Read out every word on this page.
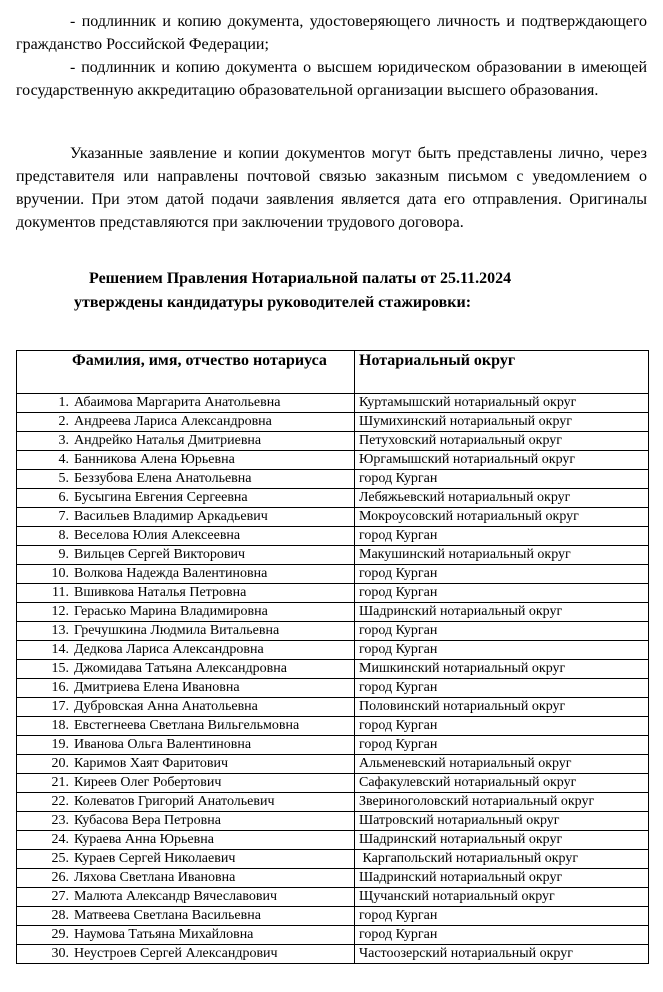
- подлинник и копию документа, удостоверяющего личность и подтверждающего гражданство Российской Федерации;

- подлинник и копию документа о высшем юридическом образовании в имеющей государственную аккредитацию образовательной организации высшего образования.

Указанные заявление и копии документов могут быть представлены лично, через представителя или направлены почтовой связью заказным письмом с уведомлением о вручении. При этом датой подачи заявления является дата его отправления. Оригиналы документов представляются при заключении трудового договора.

Решением Правления Нотариальной палаты от 25.11.2024

утверждены кандидатуры руководителей стажировки:

Фамилия, имя, отчество нотариуса	Нотариальный округ
1. Абаимова Маргарита Анатольевна	Куртамышский нотариальный округ
2. Андреева Лариса Александровна	Шумихинский нотариальный округ
3. Андрейко Наталья Дмитриевна	Петуховский нотариальный округ
4. Банникова Алена Юрьевна	Юргамышский нотариальный округ
5. Беззубова Елена Анатольевна	город Курган
6. Бусыгина Евгения Сергеевна	Лебяжьевский нотариальный округ
7. Васильев Владимир Аркадьевич	Мокроусовский нотариальный округ
8. Веселова Юлия Алексеевна	город Курган
9. Вильцев Сергей Викторович	Макушинский нотариальный округ
10. Волкова Надежда Валентиновна	город Курган
11. Вшивкова Наталья Петровна	город Курган
12. Герасько Марина Владимировна	Шадринский нотариальный округ
13. Гречушкина Людмила Витальевна	город Курган
14. Дедкова Лариса Александровна	город Курган
15. Джомидава Татьяна Александровна	Мишкинский нотариальный округ
16. Дмитриева Елена Ивановна	город Курган
17. Дубровская Анна Анатольевна	Половинский нотариальный округ
18. Евстегнеева Светлана Вильгельмовна	город Курган
19. Иванова Ольга Валентиновна	город Курган
20. Каримов Хаят Фаритович	Альменевский нотариальный округ
21. Киреев Олег Робертович	Сафакулевский нотариальный округ
22. Колеватов Григорий Анатольевич	Звериноголовский нотариальный округ
23. Кубасова Вера Петровна	Шатровский нотариальный округ
24. Кураева Анна Юрьевна	Шадринский нотариальный округ
25. Кураев Сергей Николаевич	Каргапольский нотариальный округ
26. Ляхова Светлана Ивановна	Шадринский нотариальный округ
27. Малюта Александр Вячеславович	Щучанский нотариальный округ
28. Матвеева Светлана Васильевна	город Курган
29. Наумова Татьяна Михайловна	город Курган
30. Неустроев Сергей Александрович	Частоозерский нотариальный округ
